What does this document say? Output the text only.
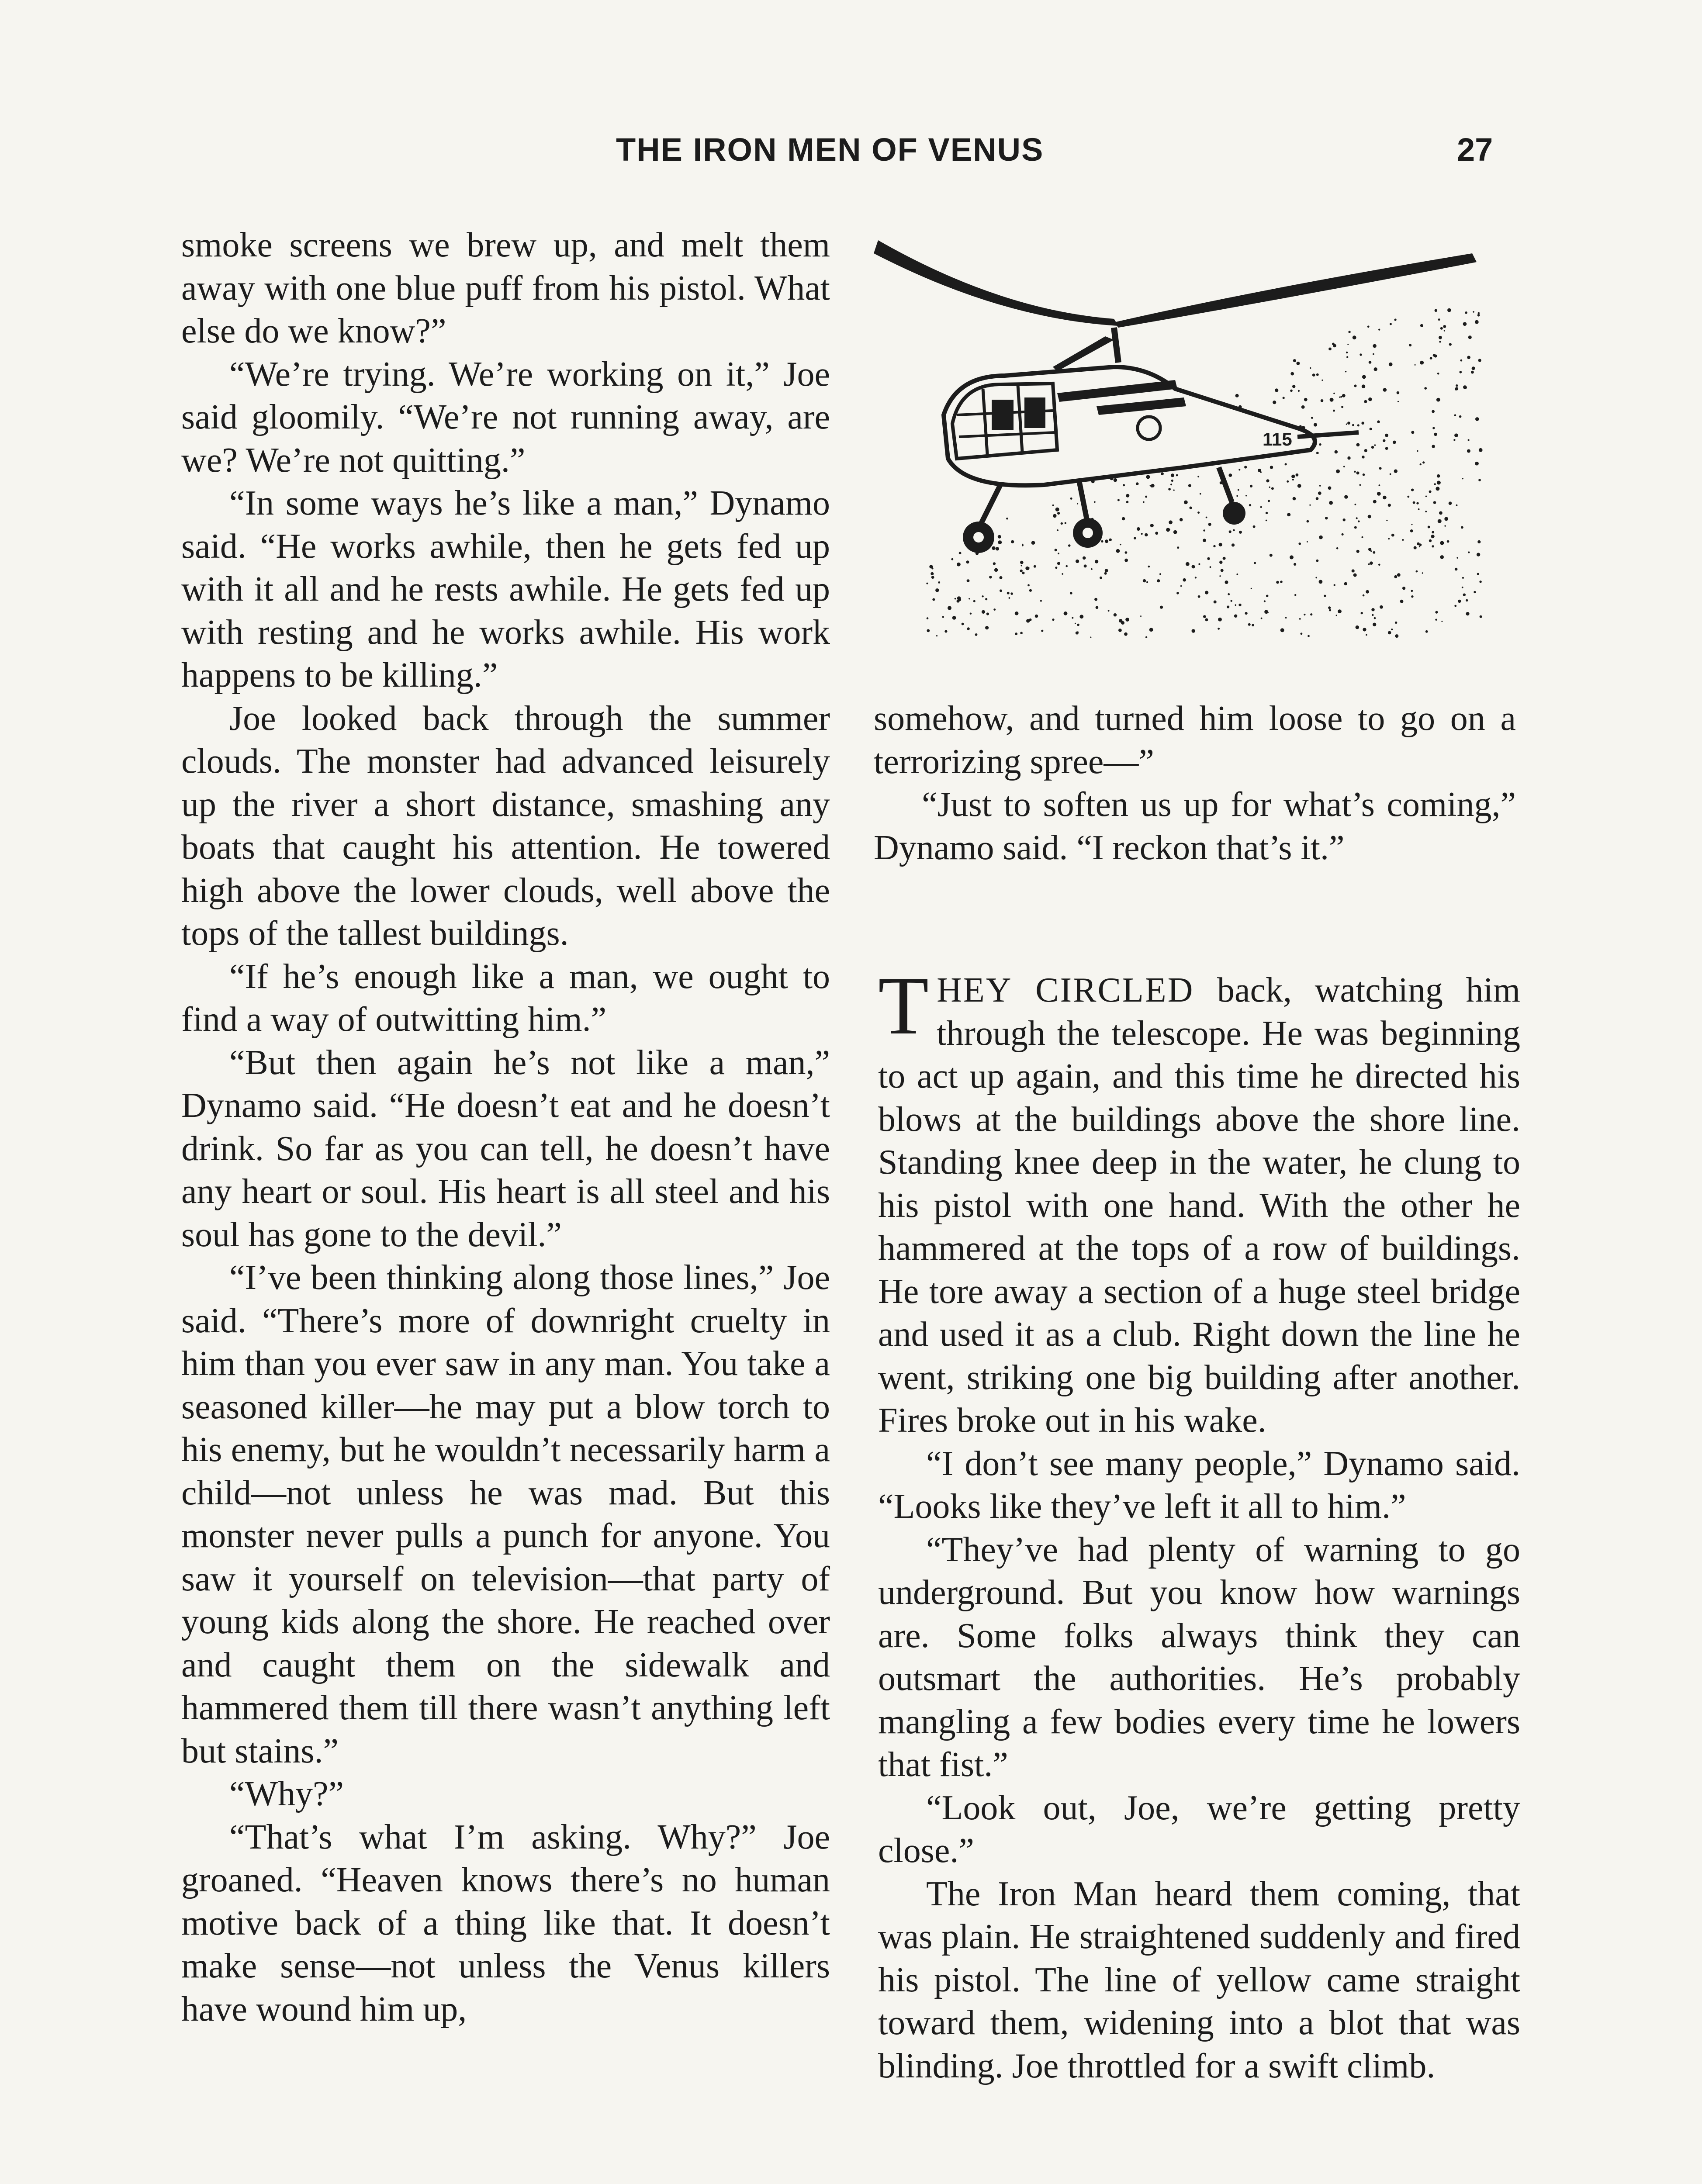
THE IRON MEN OF VENUS	27

smoke screens we brew up, and melt them away with one blue puff from his pistol. What else do we know?”

“We’re trying. We’re working on it,” Joe said gloomily. “We’re not running away, are we? We’re not quitting.”

“In some ways he’s like a man,” Dynamo said. “He works awhile, then he gets fed up with it all and he rests awhile. He gets fed up with resting and he works awhile. His work happens to be killing.”

Joe looked back through the summer clouds. The monster had advanced leisurely up the river a short distance, smashing any boats that caught his attention. He towered high above the lower clouds, well above the tops of the tallest buildings.

“If he’s enough like a man, we ought to find a way of outwitting him.”

“But then again he’s not like a man,” Dynamo said. “He doesn’t eat and he doesn’t drink. So far as you can tell, he doesn’t have any heart or soul. His heart is all steel and his soul has gone to the devil.”

“I’ve been thinking along those lines,” Joe said. “There’s more of downright cruelty in him than you ever saw in any man. You take a seasoned killer—he may put a blow torch to his enemy, but he wouldn’t necessarily harm a child—not unless he was mad. But this monster never pulls a punch for anyone. You saw it yourself on television—that party of young kids along the shore. He reached over and caught them on the sidewalk and hammered them till there wasn’t anything left but stains.”

“Why?”

“That’s what I’m asking. Why?” Joe groaned. “Heaven knows there’s no human motive back of a thing like that. It doesn’t make sense—not unless the Venus killers have wound him up,

115

somehow, and turned him loose to go on a terrorizing spree—”

“Just to soften us up for what’s coming,” Dynamo said. “I reckon that’s it.”

THEY CIRCLED back, watching him through the telescope. He was beginning to act up again, and this time he directed his blows at the buildings above the shore line. Standing knee deep in the water, he clung to his pistol with one hand. With the other he hammered at the tops of a row of buildings. He tore away a section of a huge steel bridge and used it as a club. Right down the line he went, striking one big building after another. Fires broke out in his wake.

“I don’t see many people,” Dynamo said. “Looks like they’ve left it all to him.”

“They’ve had plenty of warning to go underground. But you know how warnings are. Some folks always think they can outsmart the authorities. He’s probably mangling a few bodies every time he lowers that fist.”

“Look out, Joe, we’re getting pretty close.”

The Iron Man heard them coming, that was plain. He straightened suddenly and fired his pistol. The line of yellow came straight toward them, widening into a blot that was blinding. Joe throttled for a swift climb.
